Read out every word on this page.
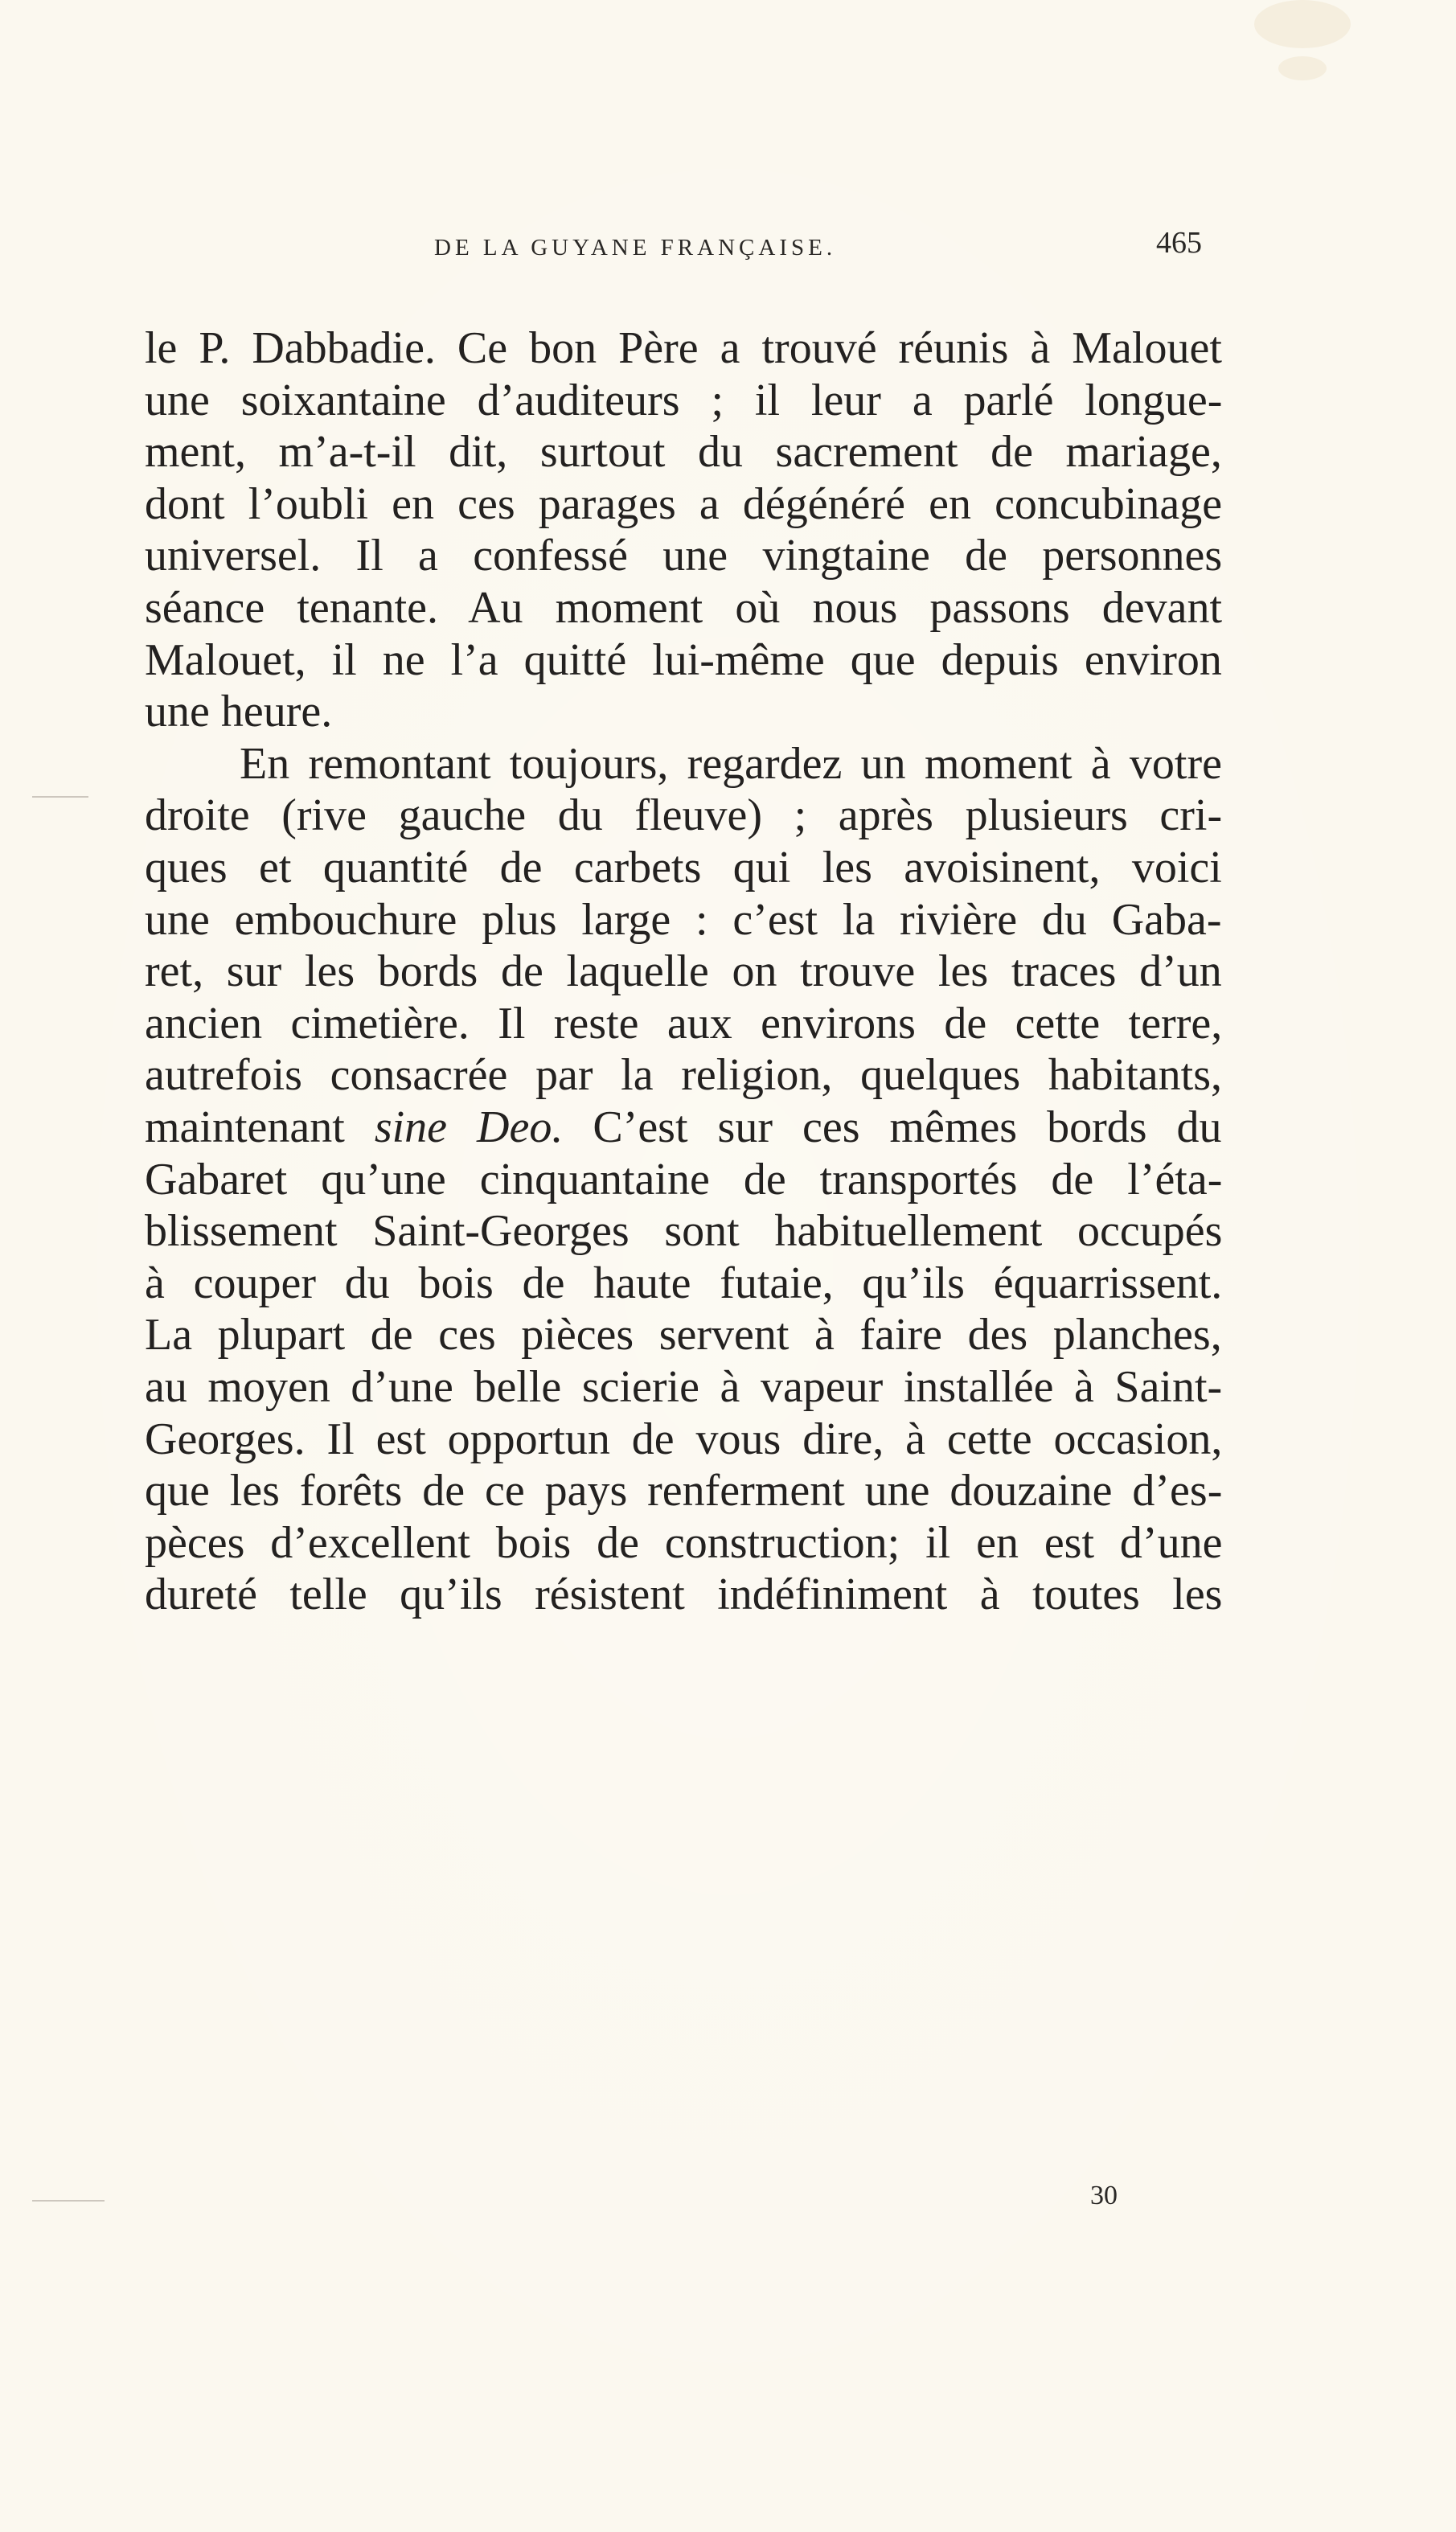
DE LA GUYANE FRANÇAISE.	465
le P. Dabbadie. Ce bon Père a trouvé réunis à Malouet
une soixantaine d’auditeurs ; il leur a parlé longue-
ment, m’a-t-il dit, surtout du sacrement de mariage,
dont l’oubli en ces parages a dégénéré en concubinage
universel. Il a confessé une vingtaine de personnes
séance tenante. Au moment où nous passons devant
Malouet, il ne l’a quitté lui-même que depuis environ
une heure.
En remontant toujours, regardez un moment à votre
droite (rive gauche du fleuve) ; après plusieurs cri-
ques et quantité de carbets qui les avoisinent, voici
une embouchure plus large : c’est la rivière du Gaba-
ret, sur les bords de laquelle on trouve les traces d’un
ancien cimetière. Il reste aux environs de cette terre,
autrefois consacrée par la religion, quelques habitants,
maintenant sine Deo. C’est sur ces mêmes bords du
Gabaret qu’une cinquantaine de transportés de l’éta-
blissement Saint-Georges sont habituellement occupés
à couper du bois de haute futaie, qu’ils équarrissent.
La plupart de ces pièces servent à faire des planches,
au moyen d’une belle scierie à vapeur installée à Saint-
Georges. Il est opportun de vous dire, à cette occasion,
que les forêts de ce pays renferment une douzaine d’es-
pèces d’excellent bois de construction; il en est d’une
dureté telle qu’ils résistent indéfiniment à toutes les
30
